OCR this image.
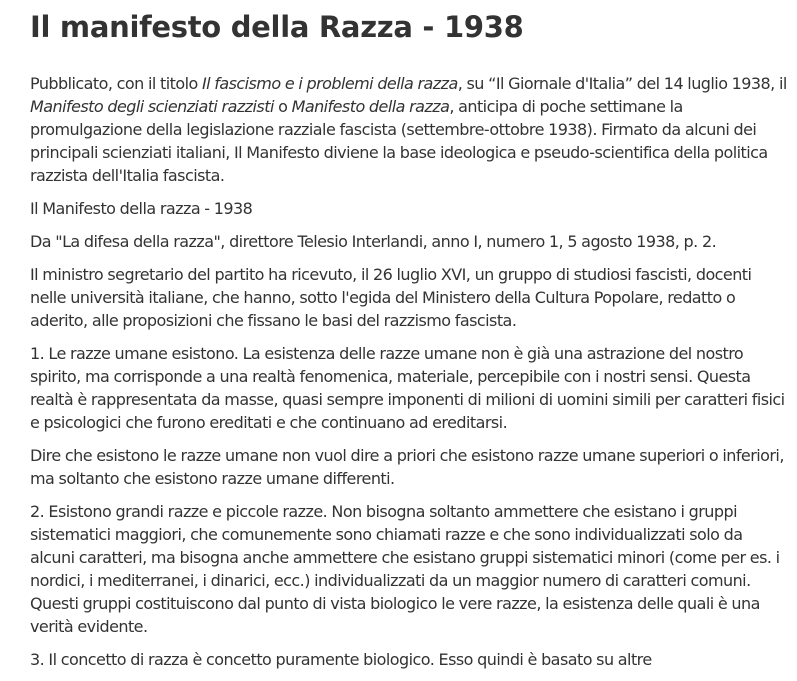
Il manifesto della Razza - 1938

Pubblicato, con il titolo Il fascismo e i problemi della razza, su “Il Giornale d'Italia” del 14 luglio 1938, il Manifesto degli scienziati razzisti o Manifesto della razza, anticipa di poche settimane la promulgazione della legislazione razziale fascista (settembre-ottobre 1938). Firmato da alcuni dei principali scienziati italiani, Il Manifesto diviene la base ideologica e pseudo-scientifica della politica razzista dell'Italia fascista.

Il Manifesto della razza - 1938

Da "La difesa della razza", direttore Telesio Interlandi, anno I, numero 1, 5 agosto 1938, p. 2.

Il ministro segretario del partito ha ricevuto, il 26 luglio XVI, un gruppo di studiosi fascisti, docenti nelle università italiane, che hanno, sotto l'egida del Ministero della Cultura Popolare, redatto o aderito, alle proposizioni che fissano le basi del razzismo fascista.

1. Le razze umane esistono. La esistenza delle razze umane non è già una astrazione del nostro spirito, ma corrisponde a una realtà fenomenica, materiale, percepibile con i nostri sensi. Questa realtà è rappresentata da masse, quasi sempre imponenti di milioni di uomini simili per caratteri fisici e psicologici che furono ereditati e che continuano ad ereditarsi.

Dire che esistono le razze umane non vuol dire a priori che esistono razze umane superiori o inferiori, ma soltanto che esistono razze umane differenti.

2. Esistono grandi razze e piccole razze. Non bisogna soltanto ammettere che esistano i gruppi sistematici maggiori, che comunemente sono chiamati razze e che sono individualizzati solo da alcuni caratteri, ma bisogna anche ammettere che esistano gruppi sistematici minori (come per es. i nordici, i mediterranei, i dinarici, ecc.) individualizzati da un maggior numero di caratteri comuni. Questi gruppi costituiscono dal punto di vista biologico le vere razze, la esistenza delle quali è una verità evidente.

3. Il concetto di razza è concetto puramente biologico. Esso quindi è basato su altre
